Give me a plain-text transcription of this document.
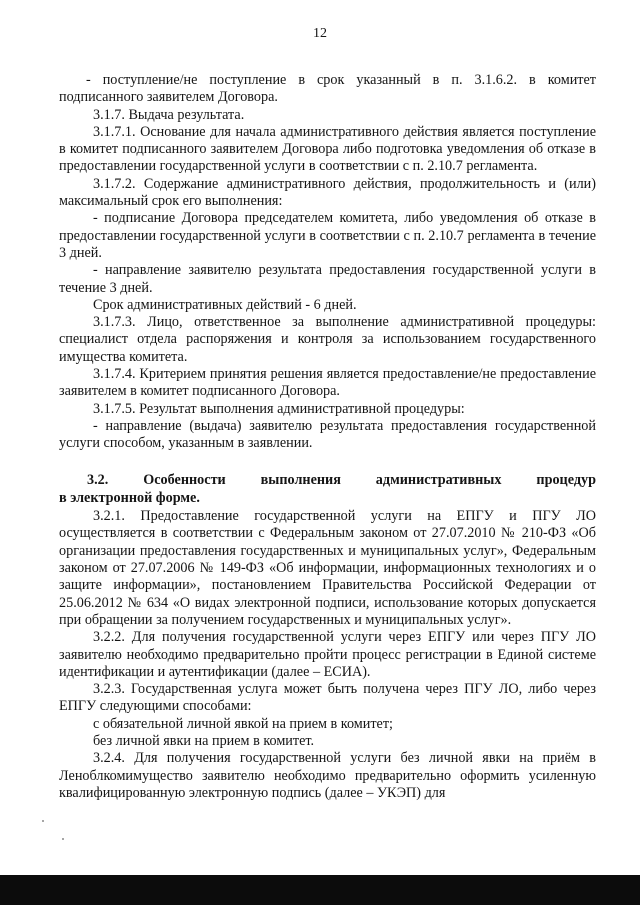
12

- поступление/не поступление в срок указанный в п. 3.1.6.2. в комитет подписанного заявителем Договора.

3.1.7. Выдача результата.

3.1.7.1. Основание для начала административного действия является поступление в комитет подписанного заявителем Договора либо подготовка уведомления об отказе в предоставлении государственной услуги в соответствии с п. 2.10.7 регламента.

3.1.7.2. Содержание административного действия, продолжительность и (или) максимальный срок его выполнения:

- подписание Договора председателем комитета, либо уведомления об отказе в предоставлении государственной услуги в соответствии с п. 2.10.7 регламента в течение 3 дней.

- направление заявителю результата предоставления государственной услуги в течение 3 дней.

Срок административных действий - 6 дней.

3.1.7.3. Лицо, ответственное за выполнение административной процедуры: специалист отдела распоряжения и контроля за использованием государственного имущества комитета.

3.1.7.4. Критерием принятия решения является предоставление/не предоставление заявителем в комитет подписанного Договора.

3.1.7.5. Результат выполнения административной процедуры:

- направление (выдача) заявителю результата предоставления государственной услуги способом, указанным в заявлении.

3.2. Особенности выполнения административных процедур

в электронной форме.

3.2.1. Предоставление государственной услуги на ЕПГУ и ПГУ ЛО осуществляется в соответствии с Федеральным законом от 27.07.2010 № 210-ФЗ «Об организации предоставления государственных и муниципальных услуг», Федеральным законом от 27.07.2006 № 149-ФЗ «Об информации, информационных технологиях и о защите информации», постановлением Правительства Российской Федерации от 25.06.2012 № 634 «О видах электронной подписи, использование которых допускается при обращении за получением государственных и муниципальных услуг».

3.2.2. Для получения государственной услуги через ЕПГУ или через ПГУ ЛО заявителю необходимо предварительно пройти процесс регистрации в Единой системе идентификации и аутентификации (далее – ЕСИА).

3.2.3. Государственная услуга может быть получена через ПГУ ЛО, либо через ЕПГУ следующими способами:

с обязательной личной явкой на прием в комитет;

без личной явки на прием в комитет.

3.2.4. Для получения государственной услуги без личной явки на приём в Леноблкомимущество заявителю необходимо предварительно оформить усиленную квалифицированную электронную подпись (далее – УКЭП) для
